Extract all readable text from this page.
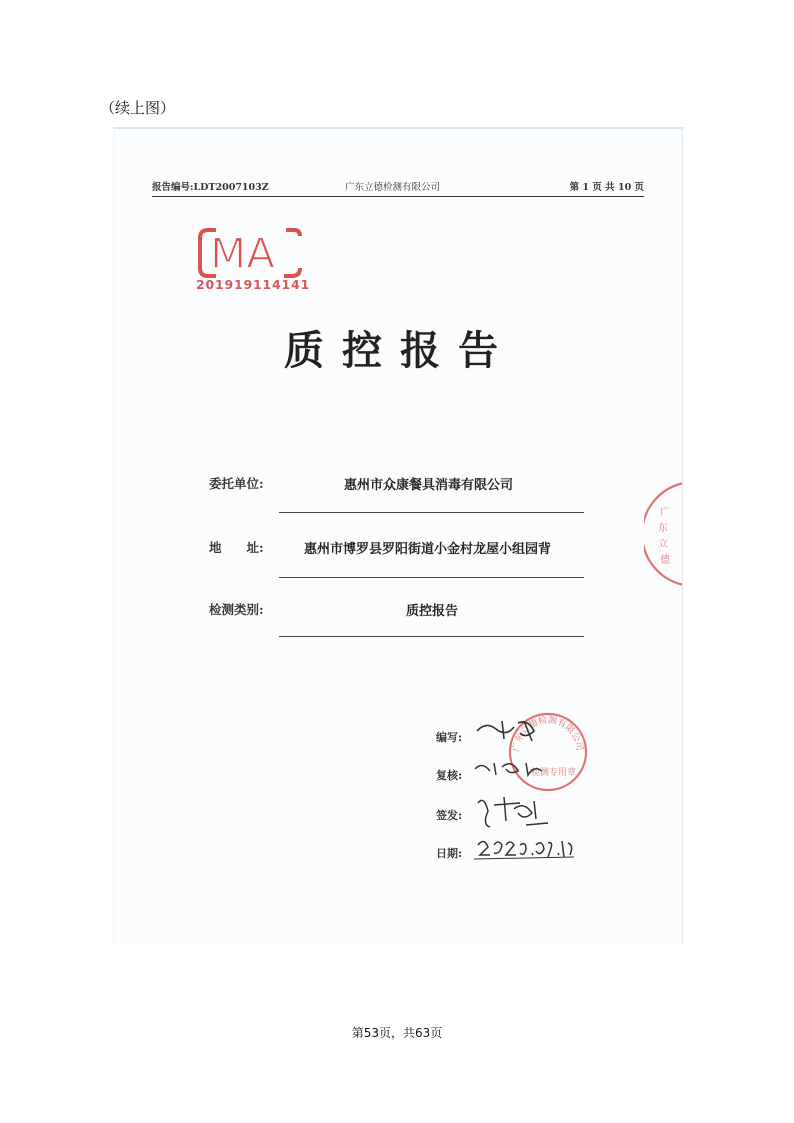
（续上图）
报告编号:LDT2007103Z	广东立德检测有限公司	第 1 页 共 10 页
MA
201919114141
质控报告
委托单位:	惠州市众康餐具消毒有限公司
地　　址:	惠州市博罗县罗阳街道小金村龙屋小组园背
检测类别:	质控报告
广东立德检测有限公司
检测专用章
广
东
立
德
编写:
复核:
签发:
日期:
第53页，共63页
